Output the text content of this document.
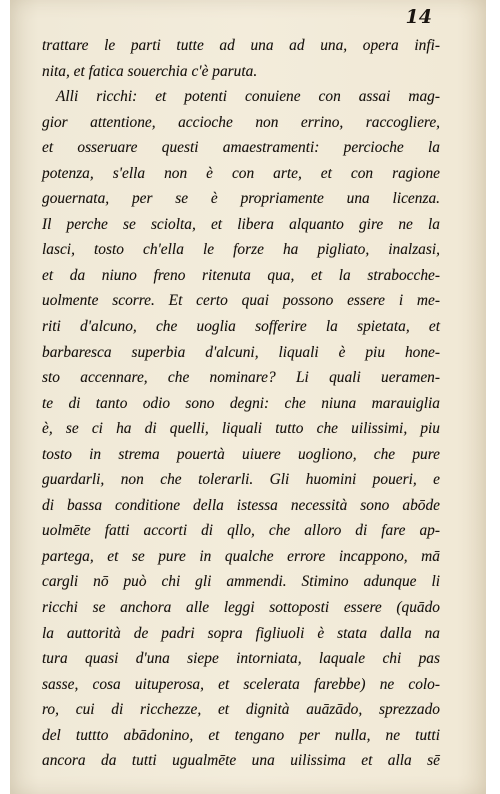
14

trattare le parti tutte ad una ad una, opera infi-
nita, et fatica souerchia c'è paruta.
Alli ricchi: et potenti conuiene con assai mag-
gior attentione, accioche non errino, raccogliere,
et osseruare questi amaestramenti: percioche la
potenza, s'ella non è con arte, et con ragione
gouernata, per se è propriamente una licenza.
Il perche se sciolta, et libera alquanto gire ne la
lasci, tosto ch'ella le forze ha pigliato, inalzasi,
et da niuno freno ritenuta qua, et la strabocche-
uolmente scorre. Et certo quai possono essere i me-
riti d'alcuno, che uoglia sofferire la spietata, et
barbaresca superbia d'alcuni, liquali è piu hone-
sto accennare, che nominare? Li quali ueramen-
te di tanto odio sono degni: che niuna marauiglia
è, se ci ha di quelli, liquali tutto che uilissimi, piu
tosto in strema pouertà uiuere uogliono, che pure
guardarli, non che tolerarli. Gli huomini poueri, e
di bassa conditione della istessa necessità sono abōde
uolmēte fatti accorti di qllo, che alloro di fare ap-
partega, et se pure in qualche errore incappono, mā
cargli nō può chi gli ammendi. Stimino adunque li
ricchi se anchora alle leggi sottoposti essere (quādo
la auttorità de padri sopra figliuoli è stata dalla na
tura quasi d'una siepe intorniata, laquale chi pas
sasse, cosa uituperosa, et scelerata farebbe) ne colo-
ro, cui di ricchezze, et dignità auāzādo, sprezzado
del tuttto abādonino, et tengano per nulla, ne tutti
ancora da tutti ugualmēte una uilissima et alla sē
